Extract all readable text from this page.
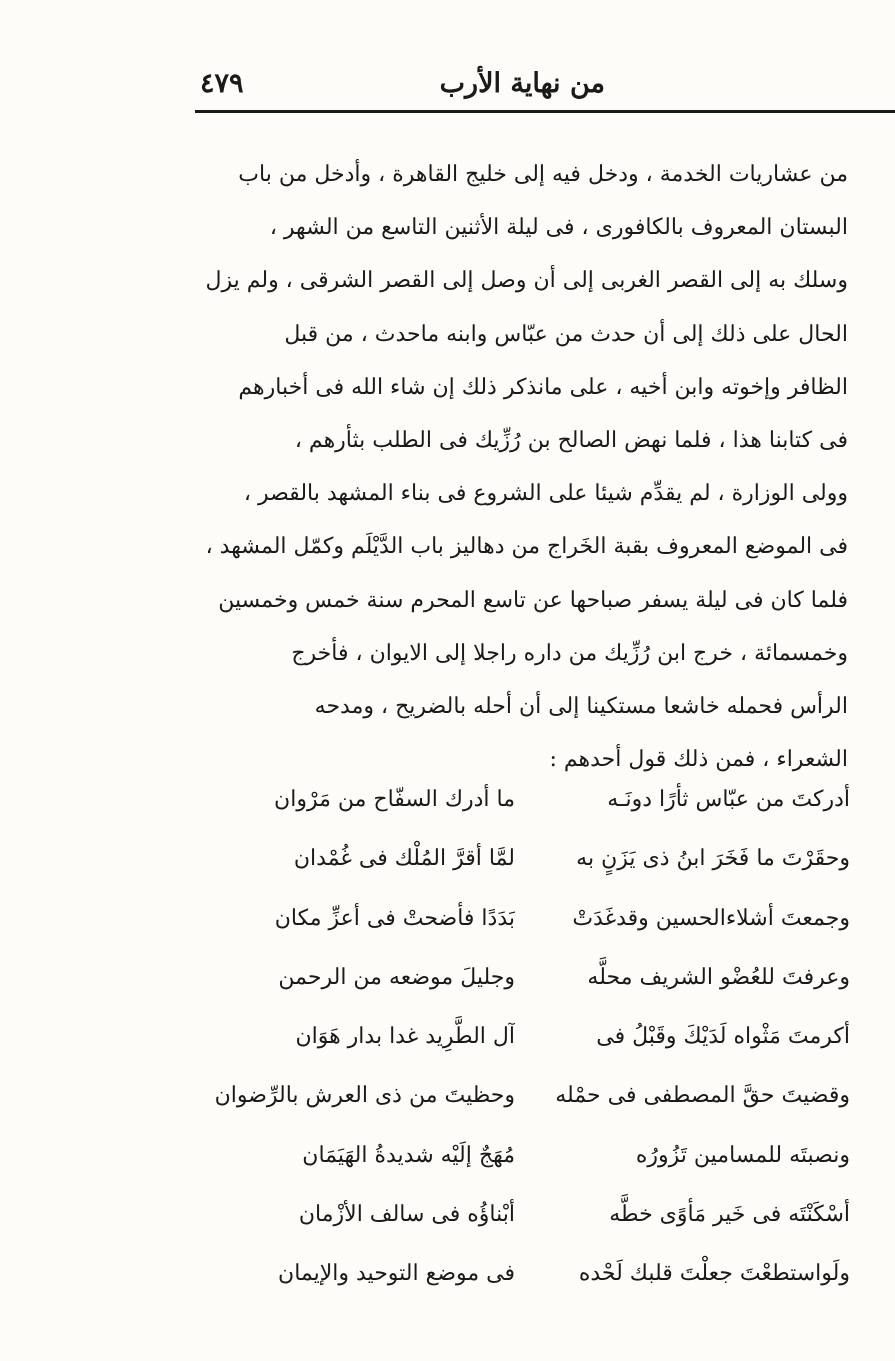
من نهاية الأرب
٤٧٩
من عشاريات الخدمة ، ودخل فيه إلى خليج القاهرة ، وأدخل من باب
البستان المعروف بالكافورى ، فى ليلة الأثنين التاسع من الشهر ،
وسلك به إلى القصر الغربى إلى أن وصل إلى القصر الشرقى ، ولم يزل
الحال على ذلك إلى أن حدث من عبّاس وابنه ماحدث ، من قبل
الظافر وإخوته وابن أخيه ، على مانذكر ذلك إن شاء الله فى أخبارهم
فى كتابنا هذا ، فلما نهض الصالح بن رُزِّيك فى الطلب بثأرهم ،
وولى الوزارة ، لم يقدِّم شيئا على الشروع فى بناء المشهد بالقصر ،
فى الموضع المعروف بقبة الخَراج من دهاليز باب الدَّيْلَم وكمّل المشهد ،
فلما كان فى ليلة يسفر صباحها عن تاسع المحرم سنة خمس وخمسين
وخمسمائة ، خرج ابن رُزِّيك من داره راجلا إلى الايوان ، فأخرج
الرأس فحمله خاشعا مستكينا إلى أن أحله بالضريح ، ومدحه
الشعراء ، فمن ذلك قول أحدهم :
أدركتَ من عبّاس ثأرًا دونَـه
ما أدرك السفّاح من مَرْوان
وحقَرْتَ ما فَخَرَ ابنُ ذى يَزَنٍ به
لمَّا أقرَّ المُلْك فى غُمْدان
وجمعتَ أشلاءالحسين وقدغَدَتْ
بَدَدًا فأضحتْ فى أعزِّ مكان
وعرفتَ للعُضْو الشريف محلَّه
وجليلَ موضعه من الرحمن
أكرمتَ مَثْواه لَدَيْكَ وقَبْلُ فى
آل الطَّرِيد غدا بدار هَوَان
وقضيتَ حقَّ المصطفى فى حمْله
وحظيتَ من ذى العرش بالرِّضوان
ونصبتَه للمسامين تَزُورُه
مُهَجٌ إلَيْه شديدةُ الهَيَمَان
أسْكَنْتَه فى خَير مَأوًى خطَّه
أبْناؤُه فى سالف الأزْمان
ولَواستطعْتَ جعلْتَ قلبك لَحْده
فى موضع التوحيد والإيمان
